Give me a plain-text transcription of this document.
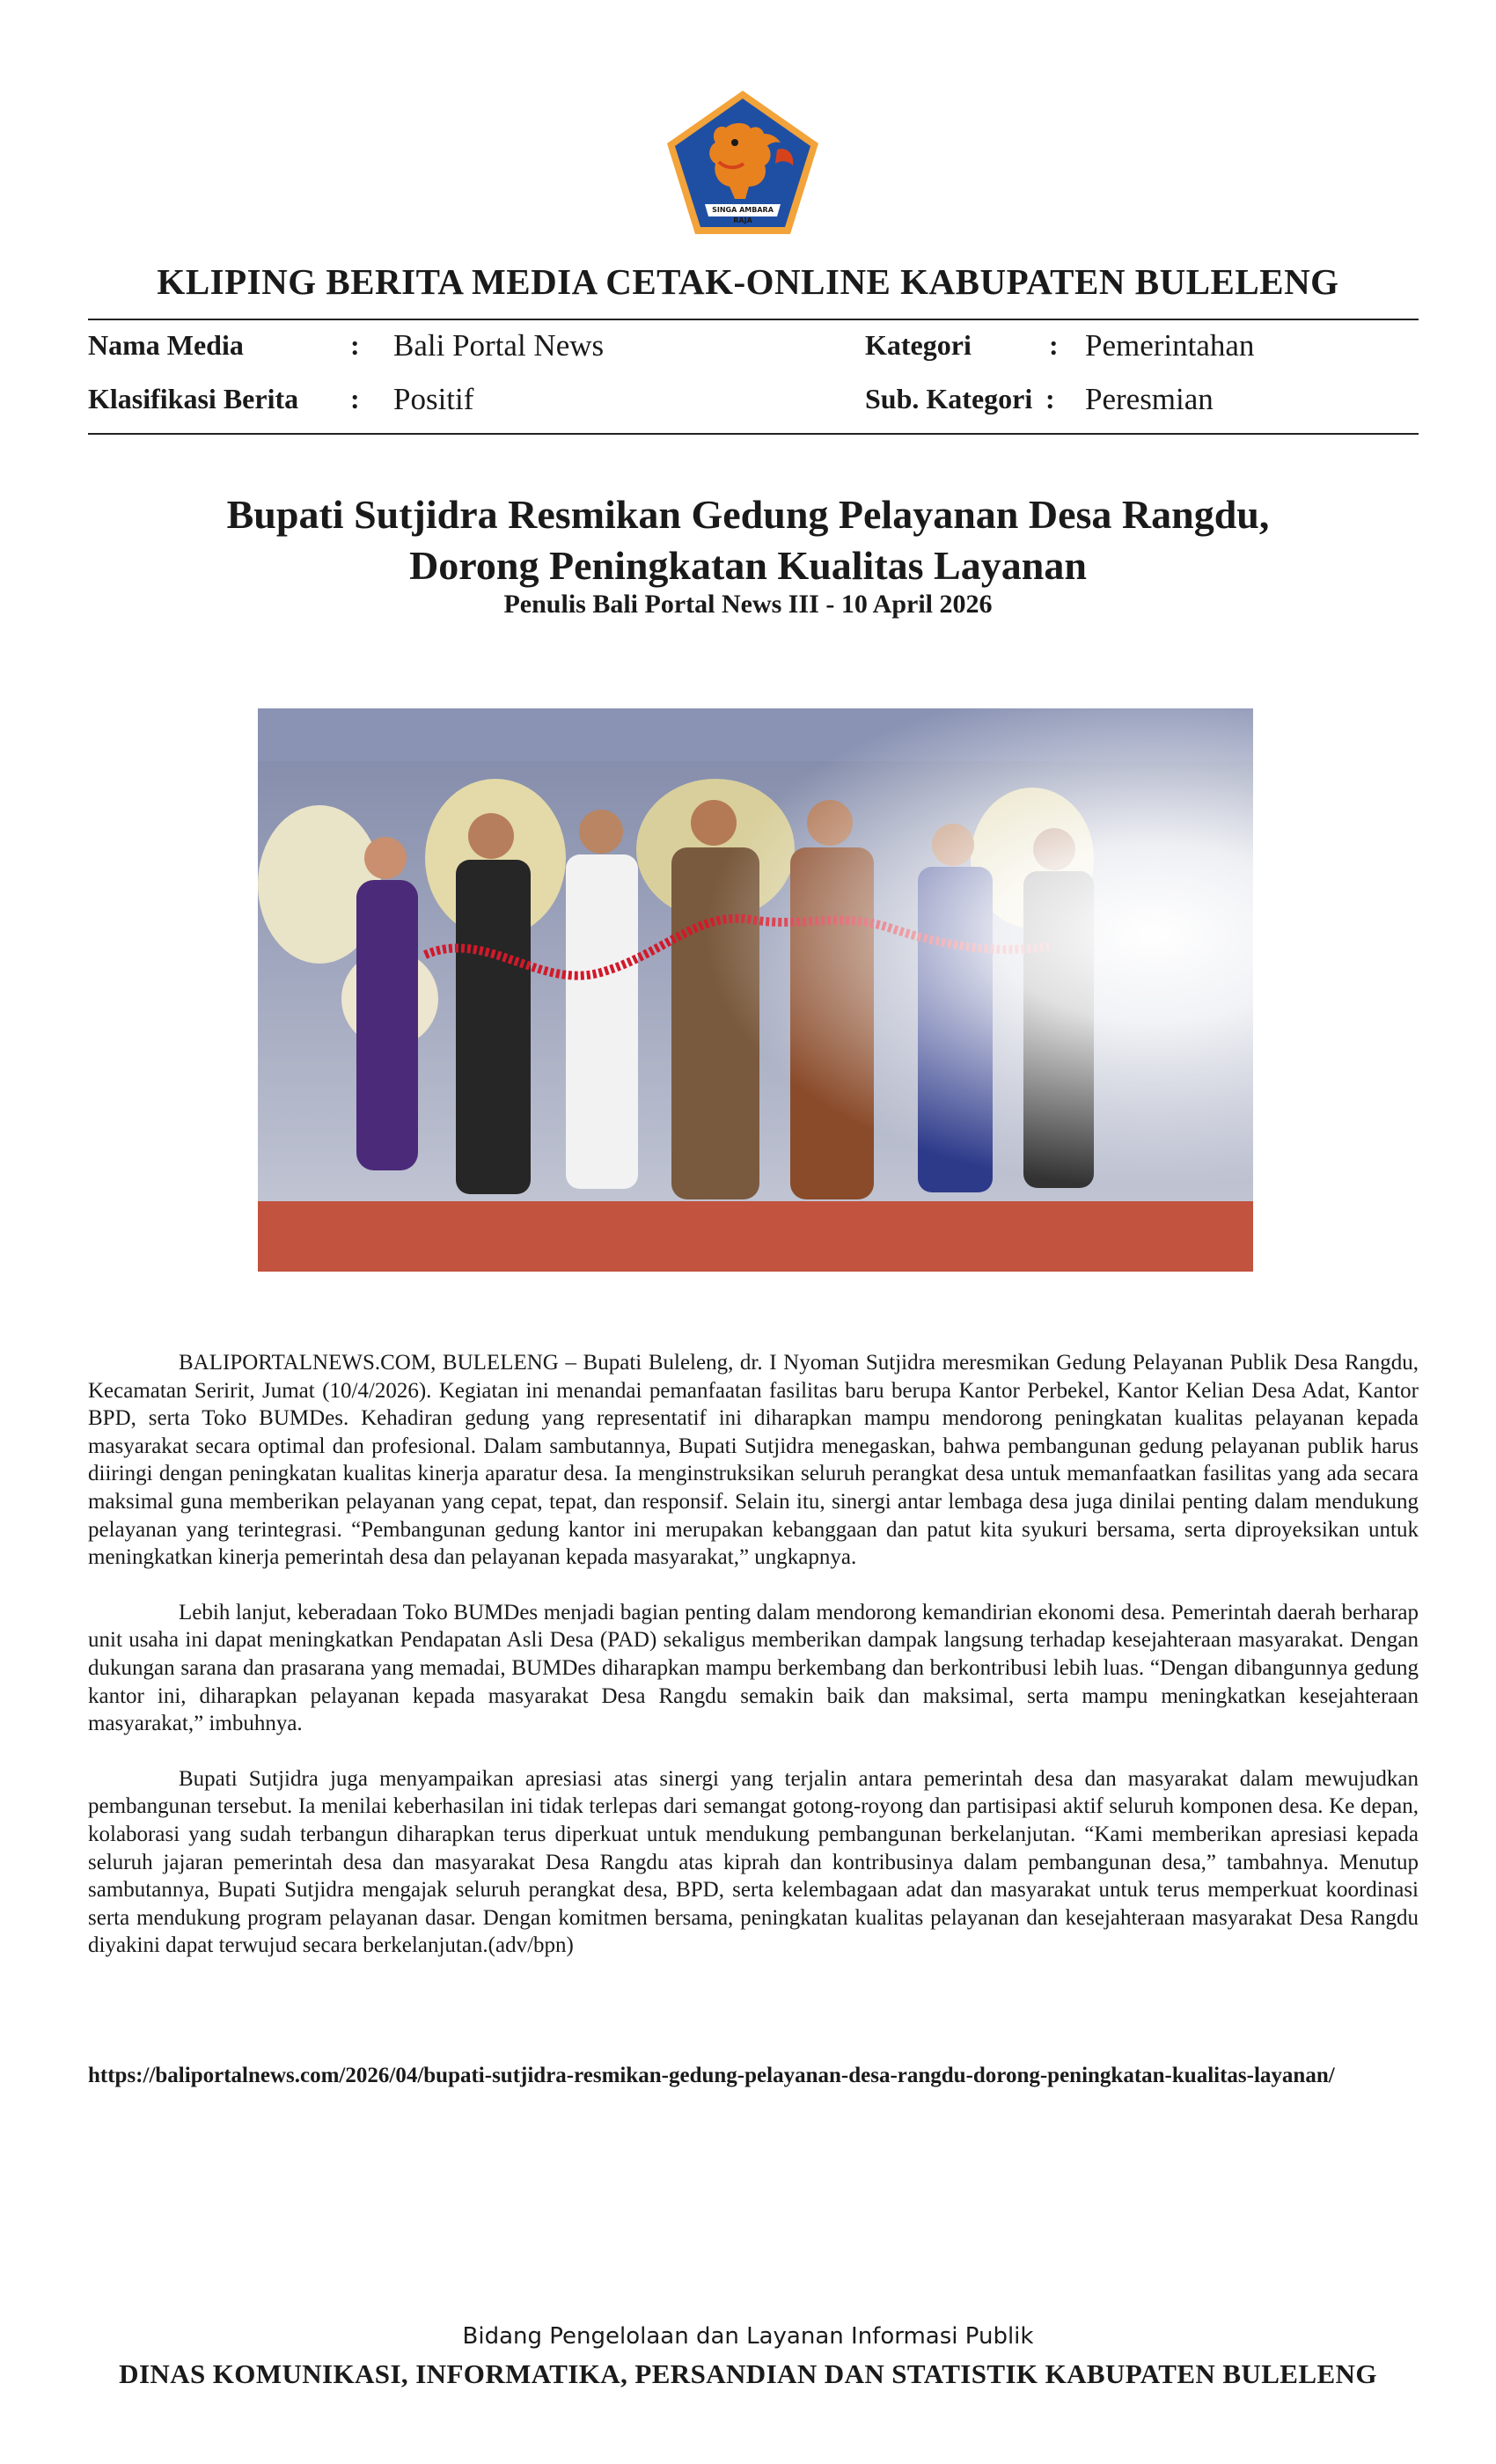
SINGA AMBARA RAJA
KLIPING BERITA MEDIA CETAK-ONLINE KABUPATEN BULELENG
Nama Media	: Bali Portal News	Kategori	: Pemerintahan
Klasifikasi Berita : Positif	Sub. Kategori : Peresmian
Bupati Sutjidra Resmikan Gedung Pelayanan Desa Rangdu,
Dorong Peningkatan Kualitas Layanan
Penulis Bali Portal News III - 10 April 2026

BALIPORTALNEWS.COM, BULELENG – Bupati Buleleng, dr. I Nyoman Sutjidra meresmikan Gedung Pelayanan Publik Desa Rangdu, Kecamatan Seririt, Jumat (10/4/2026). Kegiatan ini menandai pemanfaatan fasilitas baru berupa Kantor Perbekel, Kantor Kelian Desa Adat, Kantor BPD, serta Toko BUMDes. Kehadiran gedung yang representatif ini diharapkan mampu mendorong peningkatan kualitas pelayanan kepada masyarakat secara optimal dan profesional. Dalam sambutannya, Bupati Sutjidra menegaskan, bahwa pembangunan gedung pelayanan publik harus diiringi dengan peningkatan kualitas kinerja aparatur desa. Ia menginstruksikan seluruh perangkat desa untuk memanfaatkan fasilitas yang ada secara maksimal guna memberikan pelayanan yang cepat, tepat, dan responsif. Selain itu, sinergi antar lembaga desa juga dinilai penting dalam mendukung pelayanan yang terintegrasi. “Pembangunan gedung kantor ini merupakan kebanggaan dan patut kita syukuri bersama, serta diproyeksikan untuk meningkatkan kinerja pemerintah desa dan pelayanan kepada masyarakat,” ungkapnya.

Lebih lanjut, keberadaan Toko BUMDes menjadi bagian penting dalam mendorong kemandirian ekonomi desa. Pemerintah daerah berharap unit usaha ini dapat meningkatkan Pendapatan Asli Desa (PAD) sekaligus memberikan dampak langsung terhadap kesejahteraan masyarakat. Dengan dukungan sarana dan prasarana yang memadai, BUMDes diharapkan mampu berkembang dan berkontribusi lebih luas. “Dengan dibangunnya gedung kantor ini, diharapkan pelayanan kepada masyarakat Desa Rangdu semakin baik dan maksimal, serta mampu meningkatkan kesejahteraan masyarakat,” imbuhnya.

Bupati Sutjidra juga menyampaikan apresiasi atas sinergi yang terjalin antara pemerintah desa dan masyarakat dalam mewujudkan pembangunan tersebut. Ia menilai keberhasilan ini tidak terlepas dari semangat gotong-royong dan partisipasi aktif seluruh komponen desa. Ke depan, kolaborasi yang sudah terbangun diharapkan terus diperkuat untuk mendukung pembangunan berkelanjutan. “Kami memberikan apresiasi kepada seluruh jajaran pemerintah desa dan masyarakat Desa Rangdu atas kiprah dan kontribusinya dalam pembangunan desa,” tambahnya. Menutup sambutannya, Bupati Sutjidra mengajak seluruh perangkat desa, BPD, serta kelembagaan adat dan masyarakat untuk terus memperkuat koordinasi serta mendukung program pelayanan dasar. Dengan komitmen bersama, peningkatan kualitas pelayanan dan kesejahteraan masyarakat Desa Rangdu diyakini dapat terwujud secara berkelanjutan.(adv/bpn)

https://baliportalnews.com/2026/04/bupati-sutjidra-resmikan-gedung-pelayanan-desa-rangdu-dorong-peningkatan-kualitas-layanan/
Bidang Pengelolaan dan Layanan Informasi Publik
DINAS KOMUNIKASI, INFORMATIKA, PERSANDIAN DAN STATISTIK KABUPATEN BULELENG
